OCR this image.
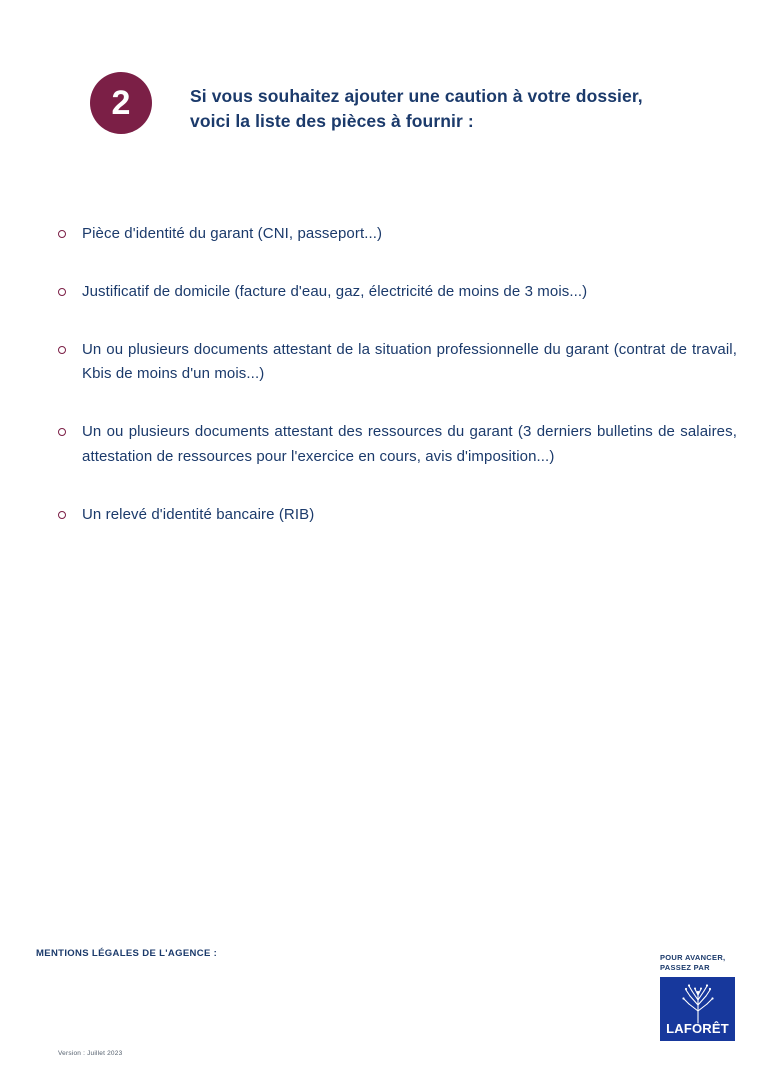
2	Si vous souhaitez ajouter une caution à votre dossier, voici la liste des pièces à fournir :
Pièce d'identité du garant (CNI, passeport...)
Justificatif de domicile (facture d'eau, gaz, électricité de moins de 3 mois...)
Un ou plusieurs documents attestant de la situation professionnelle du garant (contrat de travail, Kbis de moins d'un mois...)
Un ou plusieurs documents attestant des ressources du garant (3 derniers bulletins de salaires, attestation de ressources pour l'exercice en cours, avis d'imposition...)
Un relevé d'identité bancaire (RIB)
MENTIONS LÉGALES DE L'AGENCE :
Version : Juillet 2023
POUR AVANCER,
PASSEZ PAR
LAFORÊT
